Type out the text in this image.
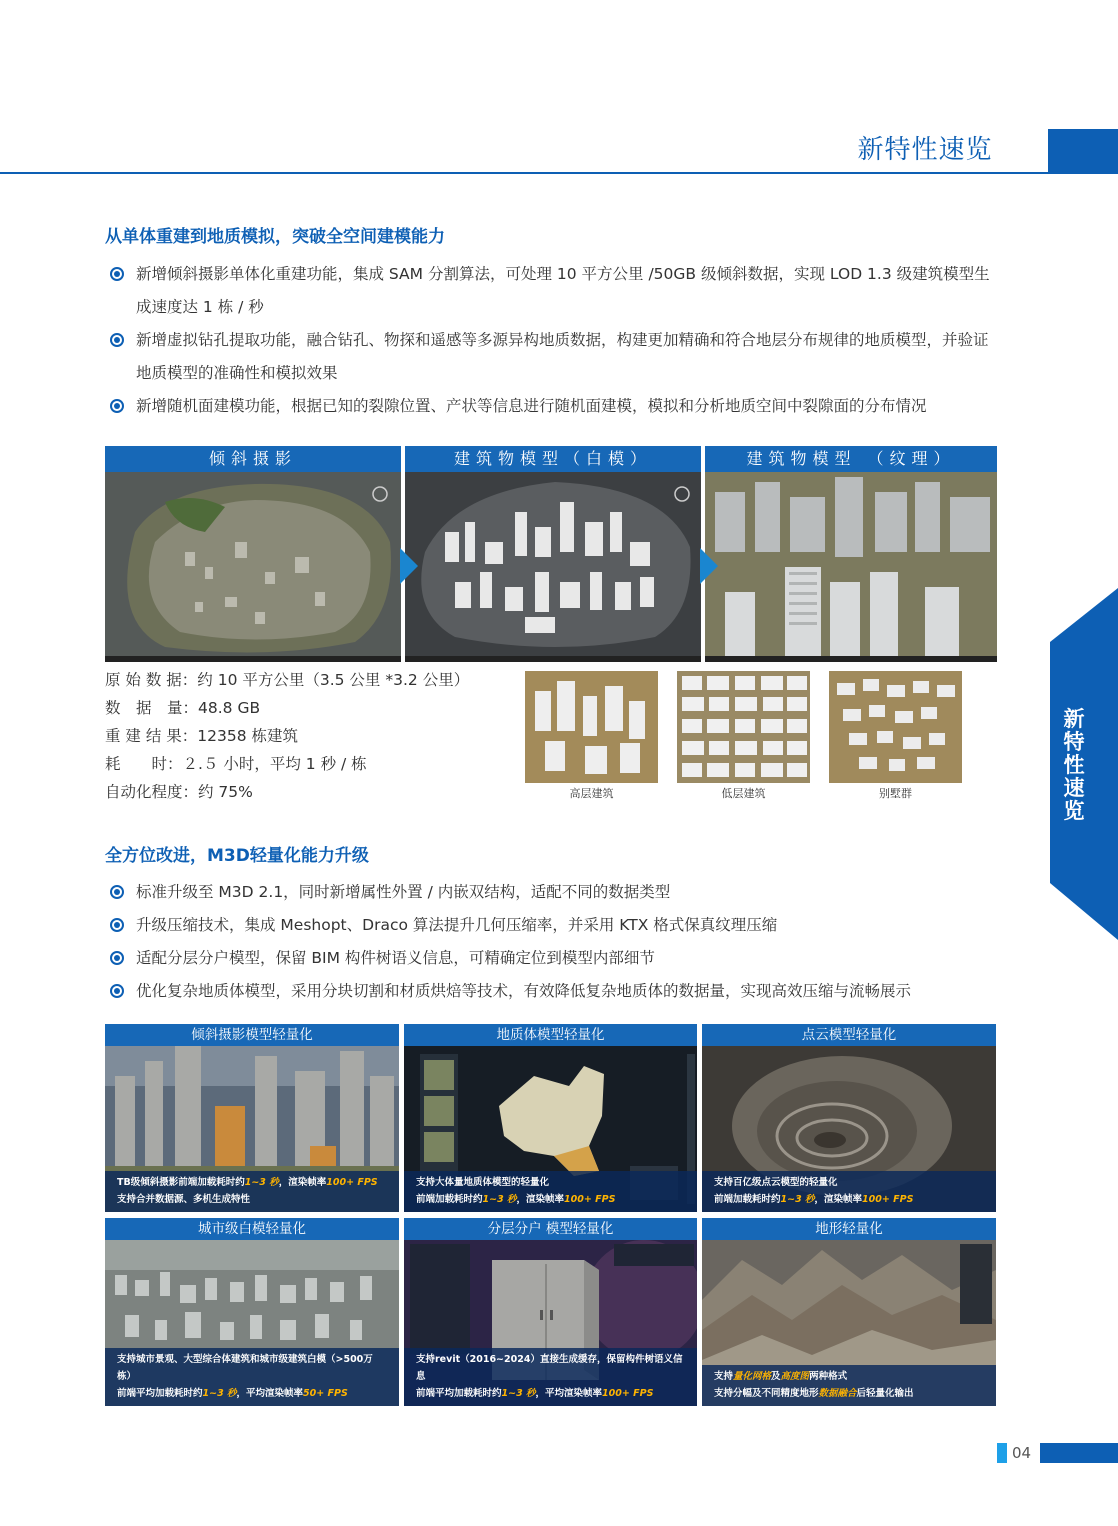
新特性速览
新
特
性
速
览
从单体重建到地质模拟，突破全空间建模能力
新增倾斜摄影单体化重建功能，集成 SAM 分割算法，可处理 10 平方公里 /50GB 级倾斜数据，实现 LOD 1.3 级建筑模型生成速度达 1 栋 / 秒
新增虚拟钻孔提取功能，融合钻孔、物探和遥感等多源异构地质数据，构建更加精确和符合地层分布规律的地质模型，并验证地质模型的准确性和模拟效果
新增随机面建模功能，根据已知的裂隙位置、产状等信息进行随机面建模，模拟和分析地质空间中裂隙面的分布情况
倾斜摄影	建筑物模型（白模）	建筑物模型 （纹理）
原 始 数 据：约 10 平方公里（3.5 公里 *3.2 公里）
数　据　量：48.8 GB
重 建 结 果：12358 栋建筑
耗　　时：２.５ 小时，平均 1 秒 / 栋
自动化程度：约 75%	高层建筑	低层建筑	别墅群
全方位改进，M3D轻量化能力升级
标准升级至 M3D 2.1，同时新增属性外置 / 内嵌双结构，适配不同的数据类型
升级压缩技术，集成 Meshopt、Draco 算法提升几何压缩率，并采用 KTX 格式保真纹理压缩
适配分层分户模型，保留 BIM 构件树语义信息，可精确定位到模型内部细节
优化复杂地质体模型，采用分块切割和材质烘焙等技术，有效降低复杂地质体的数据量，实现高效压缩与流畅展示
倾斜摄影模型轻量化	地质体模型轻量化	点云模型轻量化
TB级倾斜摄影前端加载耗时约1~3 秒，渲染帧率100+ FPS
支持合并数据源、多机生成特性
支持大体量地质体模型的轻量化
前端加载耗时约1~3 秒，渲染帧率100+ FPS
支持百亿级点云模型的轻量化
前端加载耗时约1~3 秒，渲染帧率100+ FPS
城市级白模轻量化	分层分户 模型轻量化	地形轻量化
支持城市景观、大型综合体建筑和城市级建筑白模（>500万栋）
前端平均加载耗时约1~3 秒，平均渲染帧率50+ FPS
支持revit（2016~2024）直接生成缓存，保留构件树语义信息
前端平均加载耗时约1~3 秒，平均渲染帧率100+ FPS
支持量化网格及高度图两种格式
支持分幅及不同精度地形数据融合后轻量化输出
04
